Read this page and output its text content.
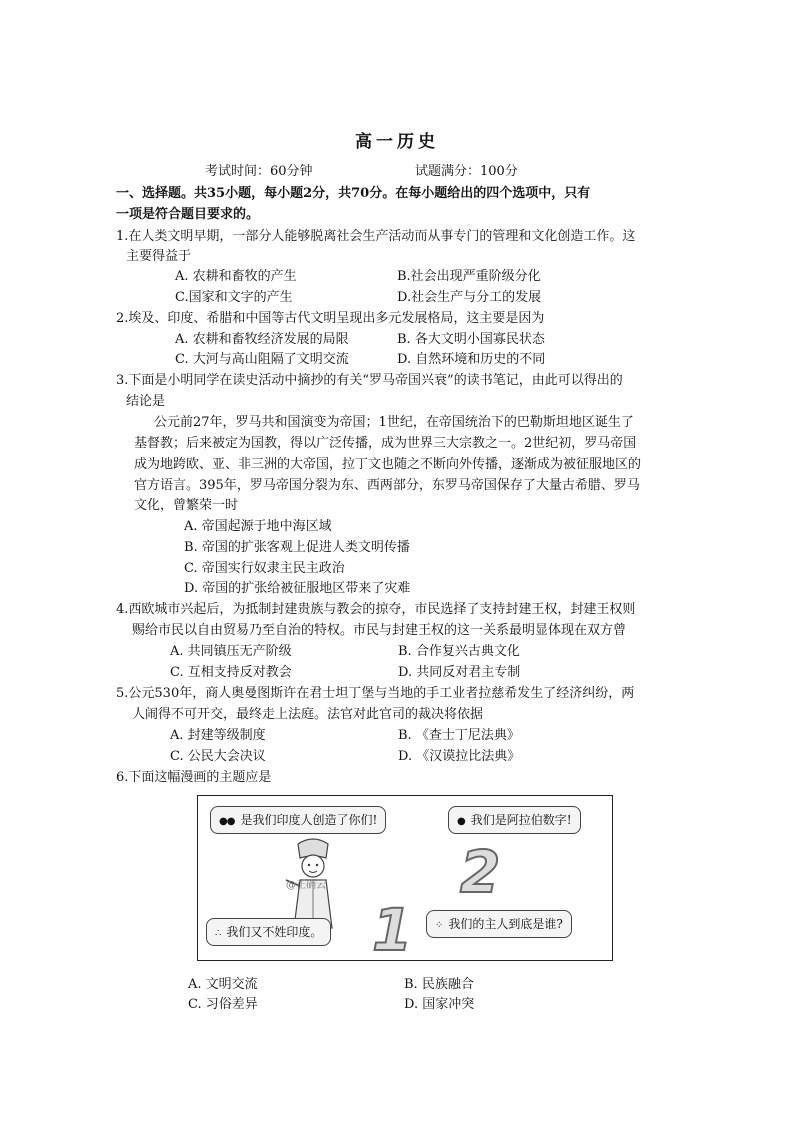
高一历史
考试时间：60分钟	试题满分：100分
一、选择题。共35小题，每小题2分，共70分。在每小题给出的四个选项中，只有
一项是符合题目要求的。
1.在人类文明早期，一部分人能够脱离社会生产活动而从事专门的管理和文化创造工作。这
主要得益于
A. 农耕和畜牧的产生	B.社会出现严重阶级分化
C.国家和文字的产生	D.社会生产与分工的发展
2.埃及、印度、希腊和中国等古代文明呈现出多元发展格局，这主要是因为
A. 农耕和畜牧经济发展的局限	B. 各大文明小国寡民状态
C. 大河与高山阻隔了文明交流	D. 自然环境和历史的不同
3.下面是小明同学在读史活动中摘抄的有关“罗马帝国兴衰”的读书笔记，由此可以得出的
结论是
公元前27年，罗马共和国演变为帝国；1世纪，在帝国统治下的巴勒斯坦地区诞生了
基督教；后来被定为国教，得以广泛传播，成为世界三大宗教之一。2世纪初，罗马帝国
成为地跨欧、亚、非三洲的大帝国，拉丁文也随之不断向外传播，逐渐成为被征服地区的
官方语言。395年，罗马帝国分裂为东、西两部分，东罗马帝国保存了大量古希腊、罗马
文化，曾繁荣一时
A. 帝国起源于地中海区域
B. 帝国的扩张客观上促进人类文明传播
C. 帝国实行奴隶主民主政治
D. 帝国的扩张给被征服地区带来了灾难
4.西欧城市兴起后，为抵制封建贵族与教会的掠夺，市民选择了支持封建王权，封建王权则
赐给市民以自由贸易乃至自治的特权。市民与封建王权的这一关系最明显体现在双方曾
A. 共同镇压无产阶级	B. 合作复兴古典文化
C. 互相支持反对教会	D. 共同反对君主专制
5.公元530年，商人奥曼图斯许在君士坦丁堡与当地的手工业者拉慈希发生了经济纠纷，两
人闹得不可开交，最终走上法庭。法官对此官司的裁决将依据
A. 封建等级制度	B. 《查士丁尼法典》
C. 公民大会决议	D. 《汉谟拉比法典》
6.下面这幅漫画的主题应是
●● 是我们印度人创造了你们!	● 我们是阿拉伯数字!
@正确云 2
1
∴ 我们又不姓印度。	⁘ 我们的主人到底是谁?
A. 文明交流	B. 民族融合
C. 习俗差异	D. 国家冲突
